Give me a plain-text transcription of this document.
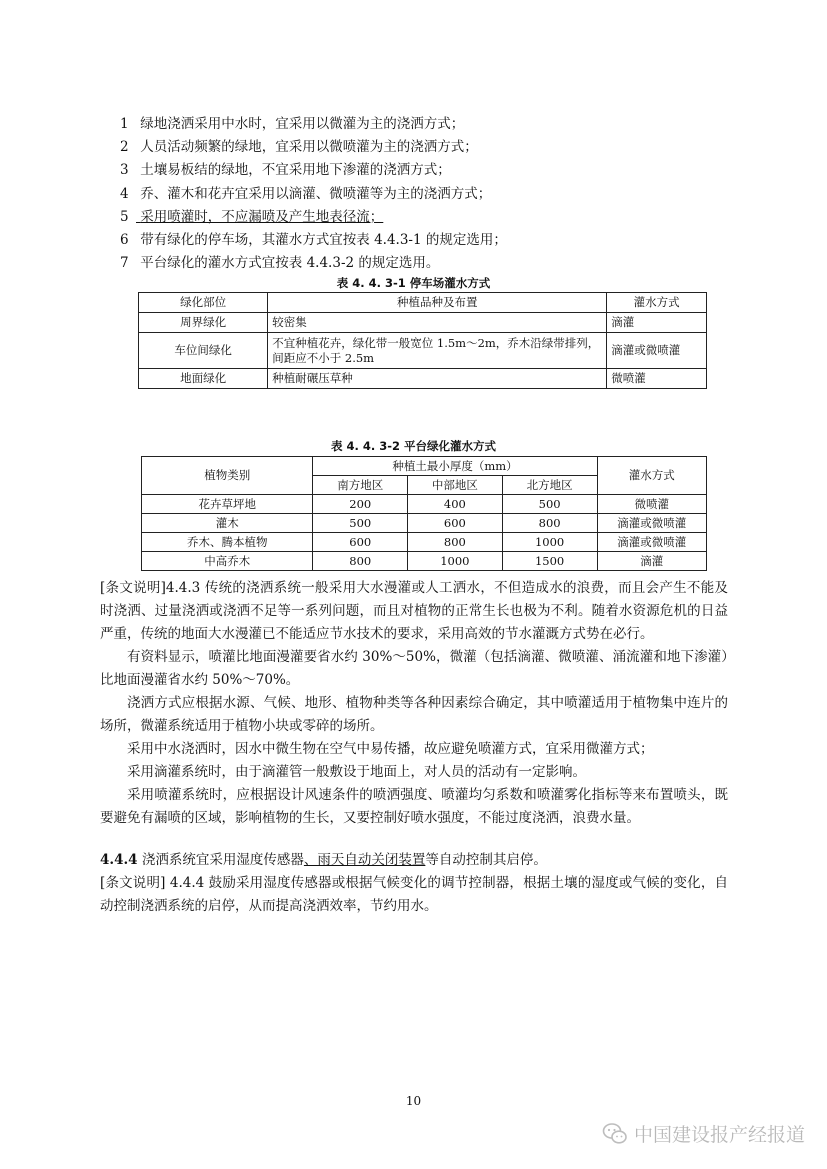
1 绿地浇洒采用中水时，宜采用以微灌为主的浇洒方式；
2 人员活动频繁的绿地，宜采用以微喷灌为主的浇洒方式；
3 土壤易板结的绿地，不宜采用地下渗灌的浇洒方式；
4 乔、灌木和花卉宜采用以滴灌、微喷灌等为主的浇洒方式；
5 采用喷灌时，不应漏喷及产生地表径流；
6 带有绿化的停车场，其灌水方式宜按表 4.4.3-1 的规定选用；
7 平台绿化的灌水方式宜按表 4.4.3-2 的规定选用。
表 4. 4. 3-1 停车场灌水方式
绿化部位	种植品种及布置	灌水方式
周界绿化	较密集	滴灌
车位间绿化	不宜种植花卉，绿化带一般宽位 1.5m～2m，乔木沿绿带排列，间距应不小于 2.5m	滴灌或微喷灌
地面绿化	种植耐碾压草种	微喷灌
表 4. 4. 3-2 平台绿化灌水方式
植物类别	种植土最小厚度（mm）			灌水方式
	南方地区	中部地区	北方地区	
花卉草坪地	200	400	500	微喷灌
灌木	500	600	800	滴灌或微喷灌
乔木、腾本植物	600	800	1000	滴灌或微喷灌
中高乔木	800	1000	1500	滴灌

[条文说明]4.4.3 传统的浇洒系统一般采用大水漫灌或人工洒水，不但造成水的浪费，而且会产生不能及时浇洒、过量浇洒或浇洒不足等一系列问题，而且对植物的正常生长也极为不利。随着水资源危机的日益严重，传统的地面大水漫灌已不能适应节水技术的要求，采用高效的节水灌溉方式势在必行。

有资料显示，喷灌比地面漫灌要省水约 30%～50%，微灌（包括滴灌、微喷灌、涌流灌和地下渗灌）比地面漫灌省水约 50%～70%。

浇洒方式应根据水源、气候、地形、植物种类等各种因素综合确定，其中喷灌适用于植物集中连片的场所，微灌系统适用于植物小块或零碎的场所。

采用中水浇洒时，因水中微生物在空气中易传播，故应避免喷灌方式，宜采用微灌方式；

采用滴灌系统时，由于滴灌管一般敷设于地面上，对人员的活动有一定影响。

采用喷灌系统时，应根据设计风速条件的喷洒强度、喷灌均匀系数和喷灌雾化指标等来布置喷头，既要避免有漏喷的区域，影响植物的生长，又要控制好喷水强度，不能过度浇洒，浪费水量。

4.4.4 浇洒系统宜采用湿度传感器、雨天自动关闭装置等自动控制其启停。

[条文说明] 4.4.4 鼓励采用湿度传感器或根据气候变化的调节控制器，根据土壤的湿度或气候的变化，自动控制浇洒系统的启停，从而提高浇洒效率，节约用水。

10
中国建设报产经报道
